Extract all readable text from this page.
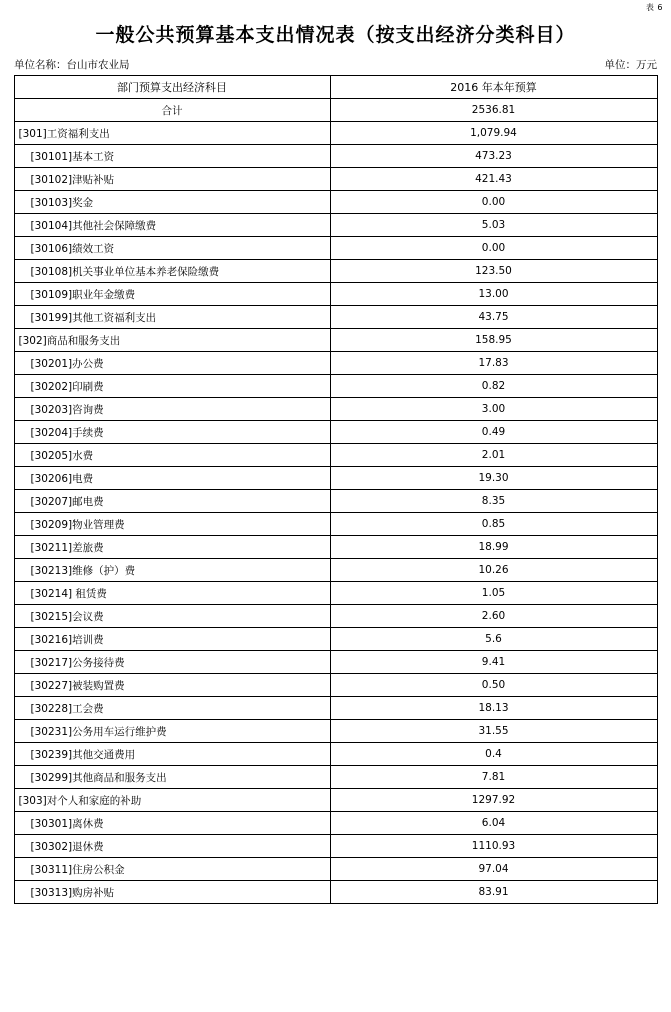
表 6
一般公共预算基本支出情况表（按支出经济分类科目）
单位名称：台山市农业局	单位：万元
部门预算支出经济科目	2016 年本年预算
合计	2536.81
[301]工资福利支出	1,079.94
[30101]基本工资	473.23
[30102]津贴补贴	421.43
[30103]奖金	0.00
[30104]其他社会保障缴费	5.03
[30106]绩效工资	0.00
[30108]机关事业单位基本养老保险缴费	123.50
[30109]职业年金缴费	13.00
[30199]其他工资福利支出	43.75
[302]商品和服务支出	158.95
[30201]办公费	17.83
[30202]印刷费	0.82
[30203]咨询费	3.00
[30204]手续费	0.49
[30205]水费	2.01
[30206]电费	19.30
[30207]邮电费	8.35
[30209]物业管理费	0.85
[30211]差旅费	18.99
[30213]维修（护）费	10.26
[30214] 租赁费	1.05
[30215]会议费	2.60
[30216]培训费	5.6
[30217]公务接待费	9.41
[30227]被装购置费	0.50
[30228]工会费	18.13
[30231]公务用车运行维护费	31.55
[30239]其他交通费用	0.4
[30299]其他商品和服务支出	7.81
[303]对个人和家庭的补助	1297.92
[30301]离休费	6.04
[30302]退休费	1110.93
[30311]住房公积金	97.04
[30313]购房补贴	83.91
